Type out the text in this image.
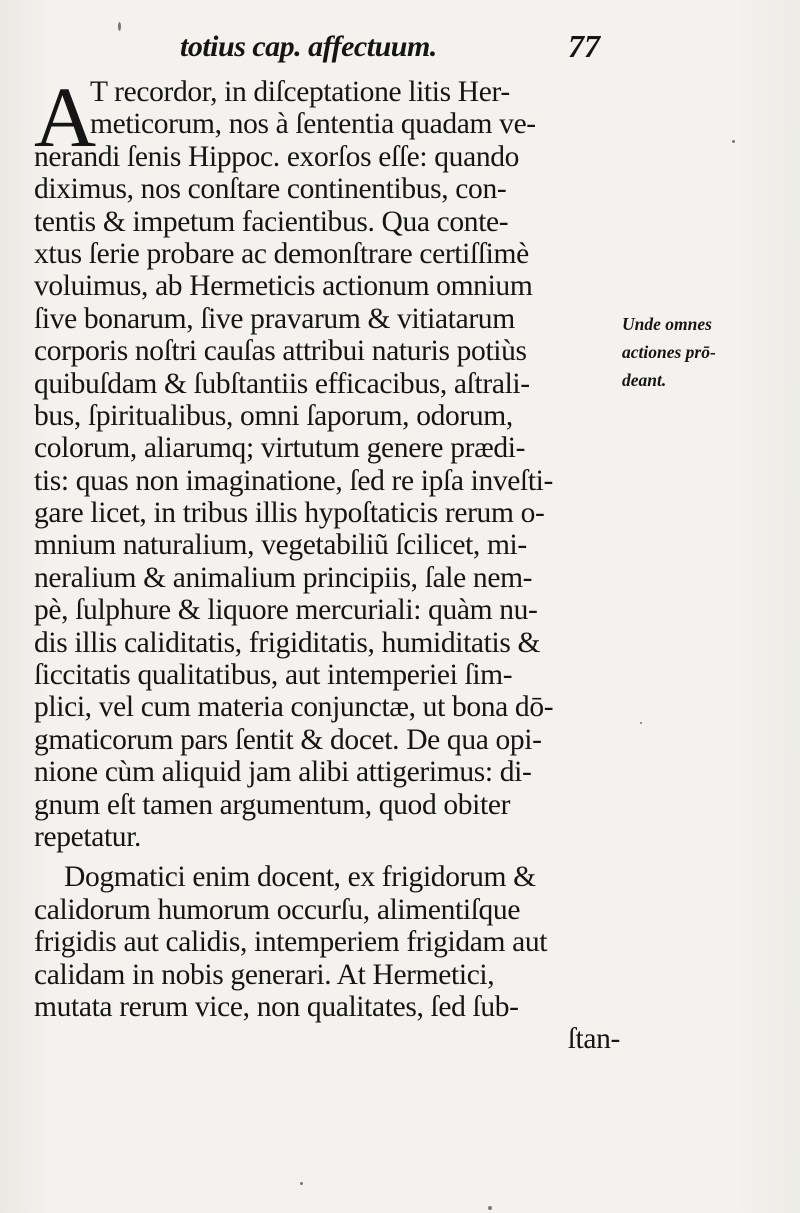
totius cap. affectuum.	77
A
T recordor, in diſceptatione litis Her-
meticorum, nos à ſententia quadam ve-
nerandi ſenis Hippoc. exorſos eſſe: quando
diximus, nos conſtare continentibus, con-
tentis & impetum facientibus. Qua conte-
xtus ſerie probare ac demonſtrare certiſſimè
voluimus, ab Hermeticis actionum omnium
ſive bonarum, ſive pravarum & vitiatarum
corporis noſtri cauſas attribui naturis potiùs
quibuſdam & ſubſtantiis efficacibus, aſtrali-
bus, ſpiritualibus, omni ſaporum, odorum,
colorum, aliarumq; virtutum genere prædi-
tis: quas non imaginatione, ſed re ipſa inveſti-
gare licet, in tribus illis hypoſtaticis rerum o-
mnium naturalium, vegetabiliũ ſcilicet, mi-
neralium & animalium principiis, ſale nem-
pè, ſulphure & liquore mercuriali: quàm nu-
dis illis caliditatis, frigiditatis, humiditatis &
ſiccitatis qualitatibus, aut intemperiei ſim-
plici, vel cum materia conjunctæ, ut bona dō-
gmaticorum pars ſentit & docet. De qua opi-
nione cùm aliquid jam alibi attigerimus: di-
gnum eſt tamen argumentum, quod obiter
repetatur.
Dogmatici enim docent, ex frigidorum &
calidorum humorum occurſu, alimentiſque
frigidis aut calidis, intemperiem frigidam aut
calidam in nobis generari. At Hermetici,
mutata rerum vice, non qualitates, ſed ſub-
ſtan-
Unde omnes
actiones prō-
deant.
